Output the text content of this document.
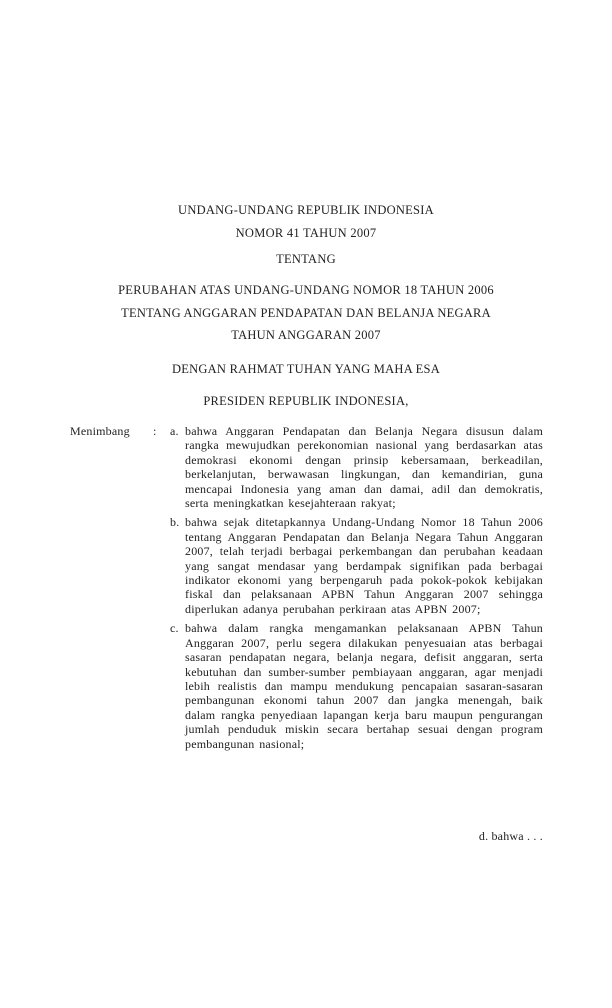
UNDANG-UNDANG REPUBLIK INDONESIA
NOMOR 41 TAHUN 2007
TENTANG
PERUBAHAN ATAS UNDANG-UNDANG NOMOR 18 TAHUN 2006
TENTANG ANGGARAN PENDAPATAN DAN BELANJA NEGARA
TAHUN ANGGARAN 2007
DENGAN RAHMAT TUHAN YANG MAHA ESA
PRESIDEN REPUBLIK INDONESIA,
Menimbang	:	a. bahwa Anggaran Pendapatan dan Belanja Negara disusun dalam rangka mewujudkan perekonomian nasional yang berdasarkan atas demokrasi ekonomi dengan prinsip kebersamaan, berkeadilan, berkelanjutan, berwawasan lingkungan, dan kemandirian, guna mencapai Indonesia yang aman dan damai, adil dan demokratis, serta meningkatkan kesejahteraan rakyat;
b. bahwa sejak ditetapkannya Undang-Undang Nomor 18 Tahun 2006 tentang Anggaran Pendapatan dan Belanja Negara Tahun Anggaran 2007, telah terjadi berbagai perkembangan dan perubahan keadaan yang sangat mendasar yang berdampak signifikan pada berbagai indikator ekonomi yang berpengaruh pada pokok-pokok kebijakan fiskal dan pelaksanaan APBN Tahun Anggaran 2007 sehingga diperlukan adanya perubahan perkiraan atas APBN 2007;
c. bahwa dalam rangka mengamankan pelaksanaan APBN Tahun Anggaran 2007, perlu segera dilakukan penyesuaian atas berbagai sasaran pendapatan negara, belanja negara, defisit anggaran, serta kebutuhan dan sumber-sumber pembiayaan anggaran, agar menjadi lebih realistis dan mampu mendukung pencapaian sasaran-sasaran pembangunan ekonomi tahun 2007 dan jangka menengah, baik dalam rangka penyediaan lapangan kerja baru maupun pengurangan jumlah penduduk miskin secara bertahap sesuai dengan program pembangunan nasional;
d. bahwa . . .
